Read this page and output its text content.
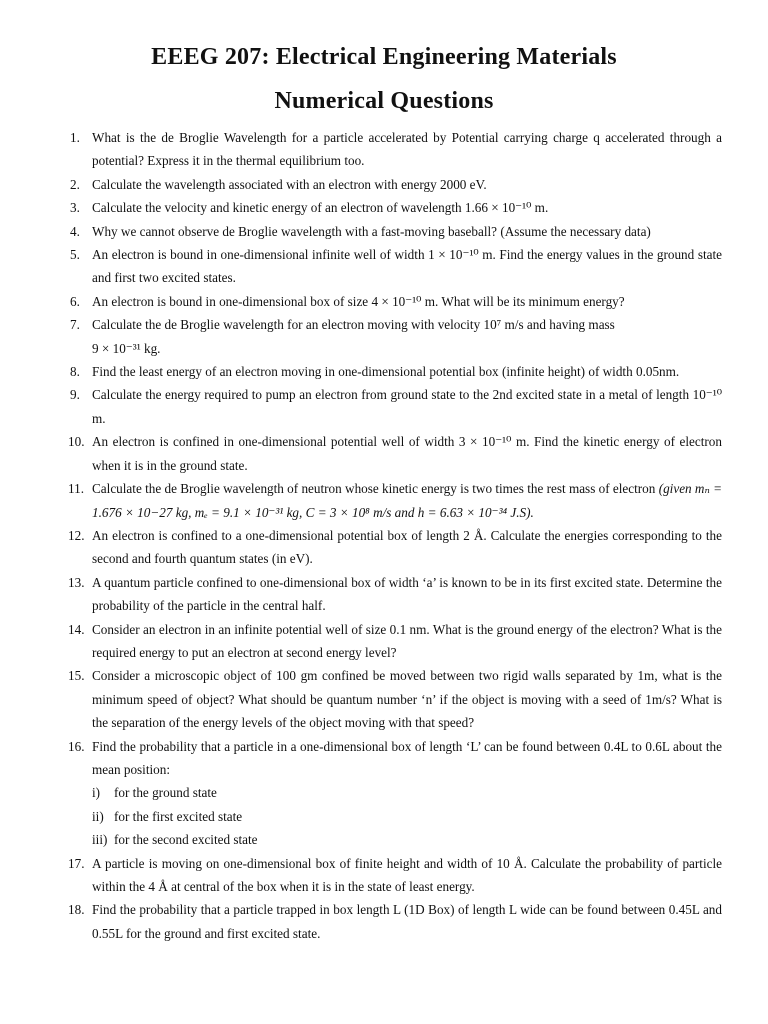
EEEG 207: Electrical Engineering Materials
Numerical Questions
1. What is the de Broglie Wavelength for a particle accelerated by Potential carrying charge q accelerated through a potential? Express it in the thermal equilibrium too.
2. Calculate the wavelength associated with an electron with energy 2000 eV.
3. Calculate the velocity and kinetic energy of an electron of wavelength 1.66 × 10⁻¹⁰ m.
4. Why we cannot observe de Broglie wavelength with a fast-moving baseball? (Assume the necessary data)
5. An electron is bound in one-dimensional infinite well of width 1 × 10⁻¹⁰ m. Find the energy values in the ground state and first two excited states.
6. An electron is bound in one-dimensional box of size 4 × 10⁻¹⁰ m. What will be its minimum energy?
7. Calculate the de Broglie wavelength for an electron moving with velocity 10⁷ m/s and having mass
9 × 10⁻³¹ kg.
8. Find the least energy of an electron moving in one-dimensional potential box (infinite height) of width 0.05nm.
9. Calculate the energy required to pump an electron from ground state to the 2nd excited state in a metal of length 10⁻¹⁰ m.
10. An electron is confined in one-dimensional potential well of width 3 × 10⁻¹⁰ m. Find the kinetic energy of electron when it is in the ground state.
11. Calculate the de Broglie wavelength of neutron whose kinetic energy is two times the rest mass of electron (given mₙ = 1.676 × 10−27 kg, mₑ = 9.1 × 10⁻³¹ kg, C = 3 × 10⁸ m/s and h = 6.63 × 10⁻³⁴ J.S).
12. An electron is confined to a one-dimensional potential box of length 2 Å. Calculate the energies corresponding to the second and fourth quantum states (in eV).
13. A quantum particle confined to one-dimensional box of width ‘a’ is known to be in its first excited state. Determine the probability of the particle in the central half.
14. Consider an electron in an infinite potential well of size 0.1 nm. What is the ground energy of the electron? What is the required energy to put an electron at second energy level?
15. Consider a microscopic object of 100 gm confined be moved between two rigid walls separated by 1m, what is the minimum speed of object? What should be quantum number ‘n’ if the object is moving with a seed of 1m/s? What is the separation of the energy levels of the object moving with that speed?
16. Find the probability that a particle in a one-dimensional box of length ‘L’ can be found between 0.4L to 0.6L about the mean position:
i) for the ground state
ii) for the first excited state
iii) for the second excited state
17. A particle is moving on one-dimensional box of finite height and width of 10 Å. Calculate the probability of particle within the 4 Å at central of the box when it is in the state of least energy.
18. Find the probability that a particle trapped in box length L (1D Box) of length L wide can be found between 0.45L and 0.55L for the ground and first excited state.
